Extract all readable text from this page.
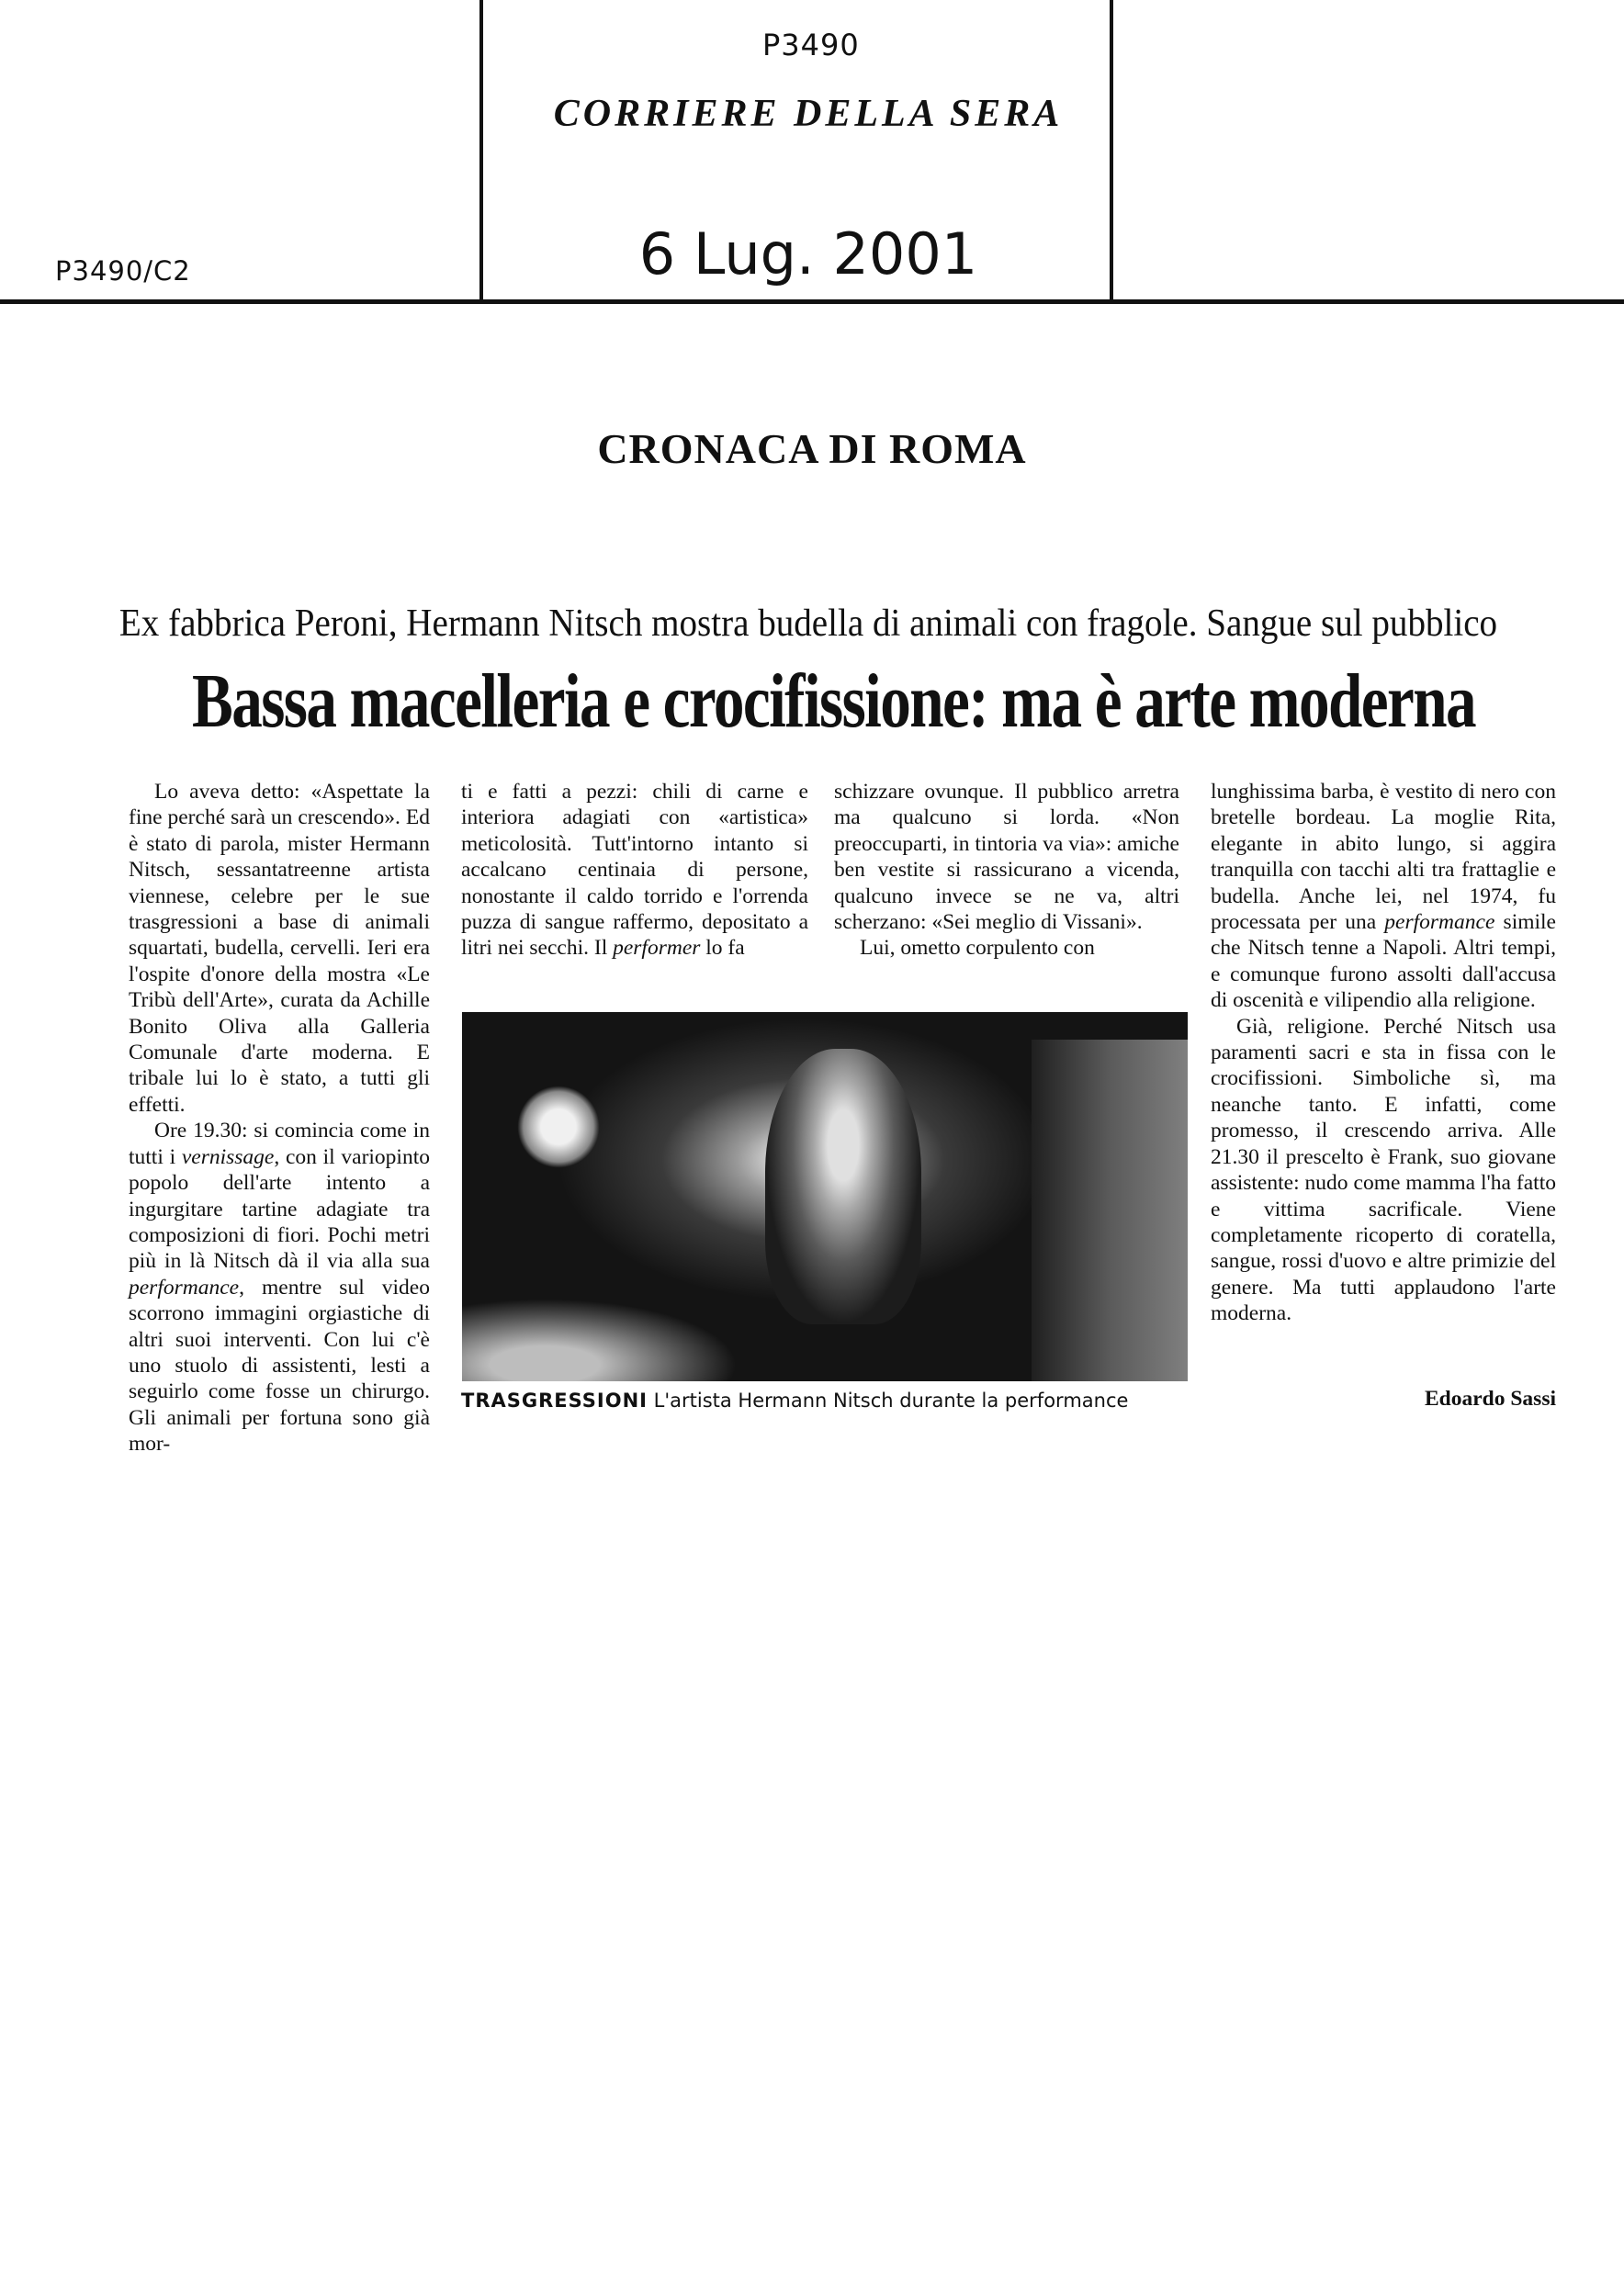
P3490
CORRIERE DELLA SERA
P3490/C2	6 Lug. 2001
CRONACA DI ROMA
Ex fabbrica Peroni, Hermann Nitsch mostra budella di animali con fragole. Sangue sul pubblico
Bassa macelleria e crocifissione: ma è arte moderna

Lo aveva detto: «Aspettate la fine perché sarà un crescendo». Ed è stato di parola, mister Hermann Nitsch, sessantatreenne artista viennese, celebre per le sue trasgressioni a base di animali squartati, budella, cervelli. Ieri era l'ospite d'onore della mostra «Le Tribù dell'Arte», curata da Achille Bonito Oliva alla Galleria Comunale d'arte moderna. E tribale lui lo è stato, a tutti gli effetti.

Ore 19.30: si comincia come in tutti i vernissage, con il variopinto popolo dell'arte intento a ingurgitare tartine adagiate tra composizioni di fiori. Pochi metri più in là Nitsch dà il via alla sua performance, mentre sul video scorrono immagini orgiastiche di altri suoi interventi. Con lui c'è uno stuolo di assistenti, lesti a seguirlo come fosse un chirurgo. Gli animali per fortuna sono già mor-

ti e fatti a pezzi: chili di carne e interiora adagiati con «artistica» meticolosità. Tutt'intorno intanto si accalcano centinaia di persone, nonostante il caldo torrido e l'orrenda puzza di sangue raffermo, depositato a litri nei secchi. Il performer lo fa

schizzare ovunque. Il pubblico arretra ma qualcuno si lorda. «Non preoccuparti, in tintoria va via»: amiche ben vestite si rassicurano a vicenda, qualcuno invece se ne va, altri scherzano: «Sei meglio di Vissani».

Lui, ometto corpulento con

lunghissima barba, è vestito di nero con bretelle bordeau. La moglie Rita, elegante in abito lungo, si aggira tranquilla con tacchi alti tra frattaglie e budella. Anche lei, nel 1974, fu processata per una performance simile che Nitsch tenne a Napoli. Altri tempi, e comunque furono assolti dall'accusa di oscenità e vilipendio alla religione.

Già, religione. Perché Nitsch usa paramenti sacri e sta in fissa con le crocifissioni. Simboliche sì, ma neanche tanto. E infatti, come promesso, il crescendo arriva. Alle 21.30 il prescelto è Frank, suo giovane assistente: nudo come mamma l'ha fatto e vittima sacrificale. Viene completamente ricoperto di coratella, sangue, rossi d'uovo e altre primizie del genere. Ma tutti applaudono l'arte moderna.

TRASGRESSIONI L'artista Hermann Nitsch durante la performance	Edoardo Sassi
